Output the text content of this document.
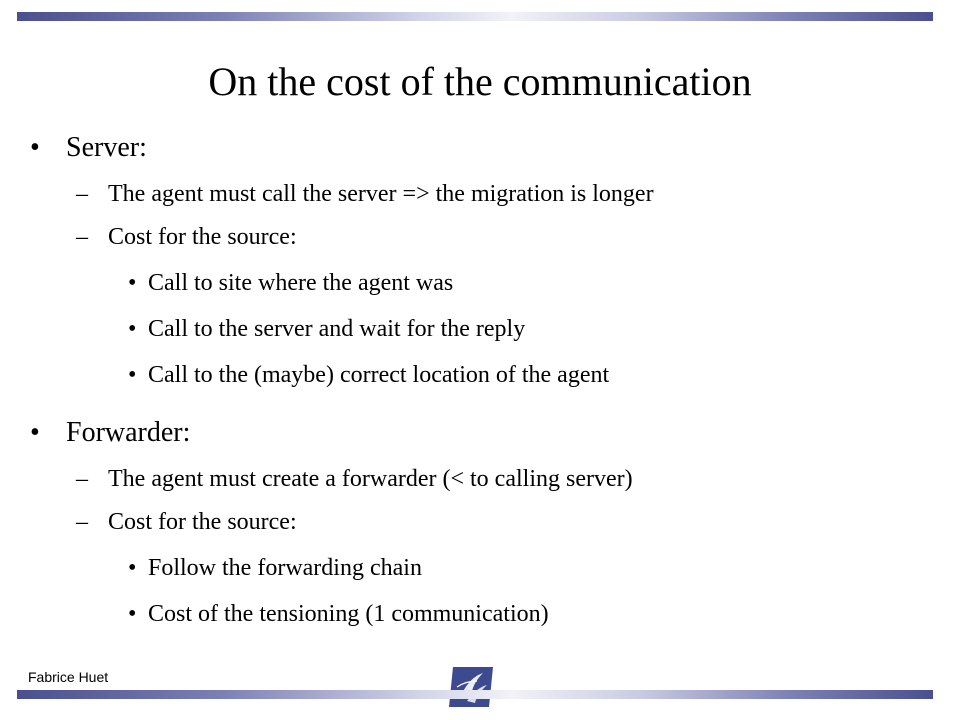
On the cost of the communication
• Server:
– The agent must call the server => the migration is longer
– Cost for the source:
• Call to site where the agent was
• Call to the server and wait for the reply
• Call to the (maybe) correct location of the agent
• Forwarder:
– The agent must create a forwarder (< to calling server)
– Cost for the source:
• Follow the forwarding chain
• Cost of the tensioning (1 communication)
Fabrice Huet
